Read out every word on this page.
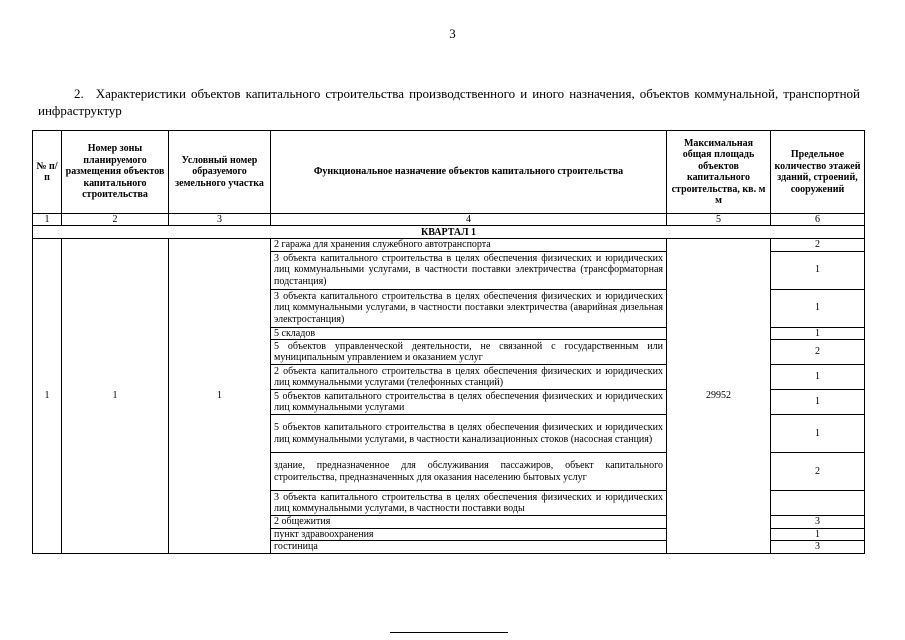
3
2. Характеристики объектов капитального строительства производственного и иного назначения, объектов коммунальной, транспортной инфраструктур
№ п/п	Номер зоны планируемого размещения объектов капитального строительства	Условный номер образуемого земельного участка	Функциональное назначение объектов капитального строительства	Максимальная общая площадь объектов капитального строительства, кв. м м	Предельное количество этажей зданий, строений, сооружений
1	2	3	4	5	6
КВАРТАЛ 1					
1	1	1	2 гаража для хранения служебного автотранспорта	29952	2
			3 объекта капитального строительства в целях обеспечения физических и юридических лиц коммунальными услугами, в частности поставки электричества (трансформаторная подстанция)		1
			3 объекта капитального строительства в целях обеспечения физических и юридических лиц коммунальными услугами, в частности поставки электричества (аварийная дизельная электростанция)		1
			5 складов		1
			5 объектов управленческой деятельности, не связанной с государственным или муниципальным управлением и оказанием услуг		2
			2 объекта капитального строительства в целях обеспечения физических и юридических лиц коммунальными услугами (телефонных станций)		1
			5 объектов капитального строительства в целях обеспечения физических и юридических лиц коммунальными услугами		1
			5 объектов капитального строительства в целях обеспечения физических и юридических лиц коммунальными услугами, в частности канализационных стоков (насосная станция)		1
			здание, предназначенное для обслуживания пассажиров, объект капитального строительства, предназначенных для оказания населению бытовых услуг		2
			3 объекта капитального строительства в целях обеспечения физических и юридических лиц коммунальными услугами, в частности поставки воды		
			2 общежития		3
			пункт здравоохранения		1
			гостиница		3
